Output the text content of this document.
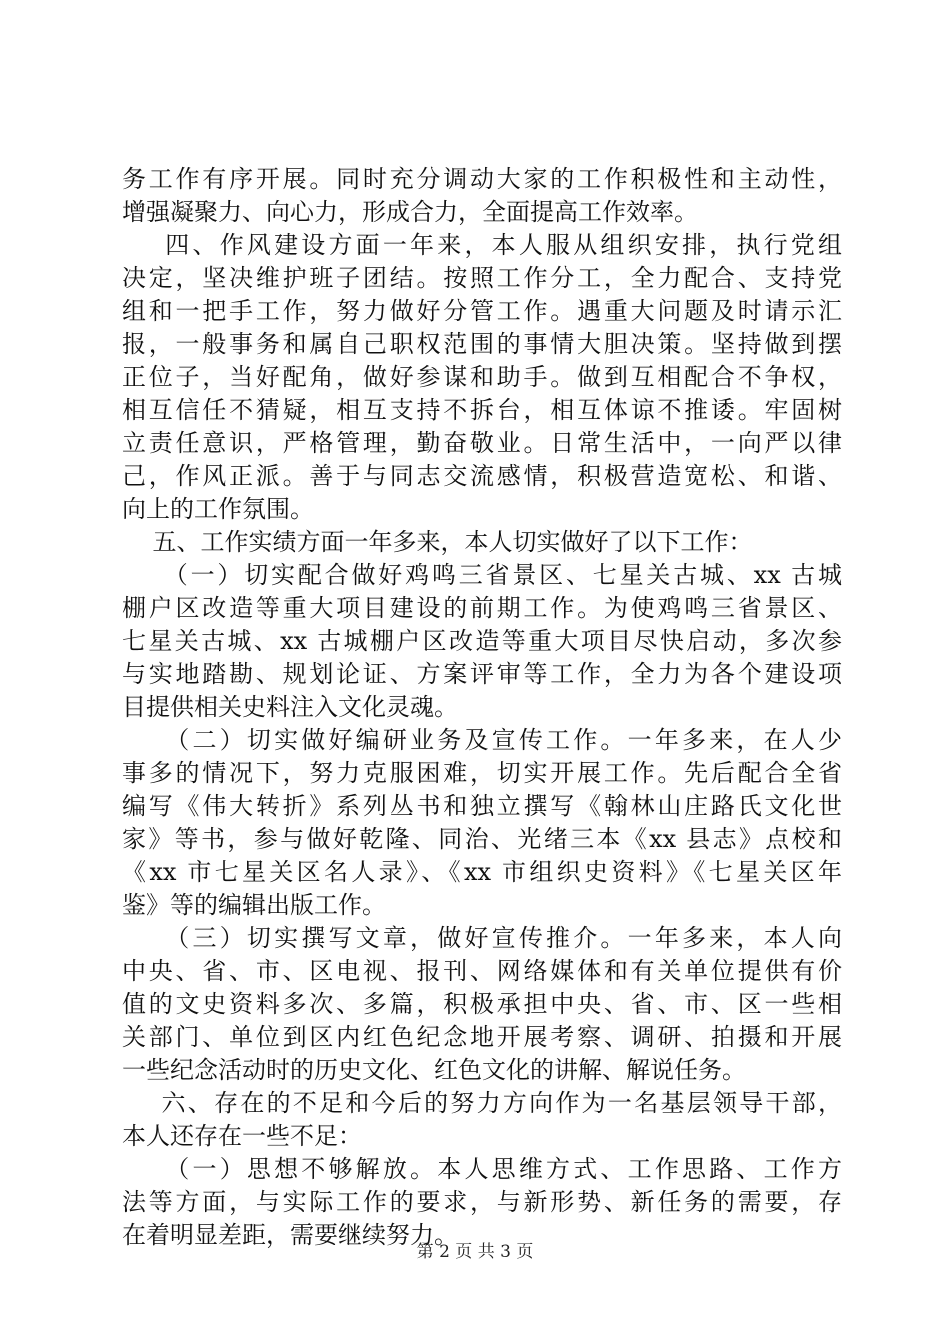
务工作有序开展。同时充分调动大家的工作积极性和主动性，
增强凝聚力、向心力，形成合力，全面提高工作效率。
四、作风建设方面一年来，本人服从组织安排，执行党组
决定，坚决维护班子团结。按照工作分工，全力配合、支持党
组和一把手工作，努力做好分管工作。遇重大问题及时请示汇
报，一般事务和属自己职权范围的事情大胆决策。坚持做到摆
正位子，当好配角，做好参谋和助手。做到互相配合不争权，
相互信任不猜疑，相互支持不拆台，相互体谅不推诿。牢固树
立责任意识，严格管理，勤奋敬业。日常生活中，一向严以律
己，作风正派。善于与同志交流感情，积极营造宽松、和谐、
向上的工作氛围。
五、工作实绩方面一年多来，本人切实做好了以下工作：
（一）切实配合做好鸡鸣三省景区、七星关古城、xx 古城
棚户区改造等重大项目建设的前期工作。为使鸡鸣三省景区、
七星关古城、xx 古城棚户区改造等重大项目尽快启动，多次参
与实地踏勘、规划论证、方案评审等工作，全力为各个建设项
目提供相关史料注入文化灵魂。
（二）切实做好编研业务及宣传工作。一年多来，在人少
事多的情况下，努力克服困难，切实开展工作。先后配合全省
编写《伟大转折》系列丛书和独立撰写《翰林山庄路氏文化世
家》等书，参与做好乾隆、同治、光绪三本《xx 县志》点校和
《xx 市七星关区名人录》、《xx 市组织史资料》《七星关区年
鉴》等的编辑出版工作。
（三）切实撰写文章，做好宣传推介。一年多来，本人向
中央、省、市、区电视、报刊、网络媒体和有关单位提供有价
值的文史资料多次、多篇，积极承担中央、省、市、区一些相
关部门、单位到区内红色纪念地开展考察、调研、拍摄和开展
一些纪念活动时的历史文化、红色文化的讲解、解说任务。
六、存在的不足和今后的努力方向作为一名基层领导干部，
本人还存在一些不足：
（一）思想不够解放。本人思维方式、工作思路、工作方
法等方面，与实际工作的要求，与新形势、新任务的需要，存
在着明显差距，需要继续努力。
第 2 页 共 3 页
